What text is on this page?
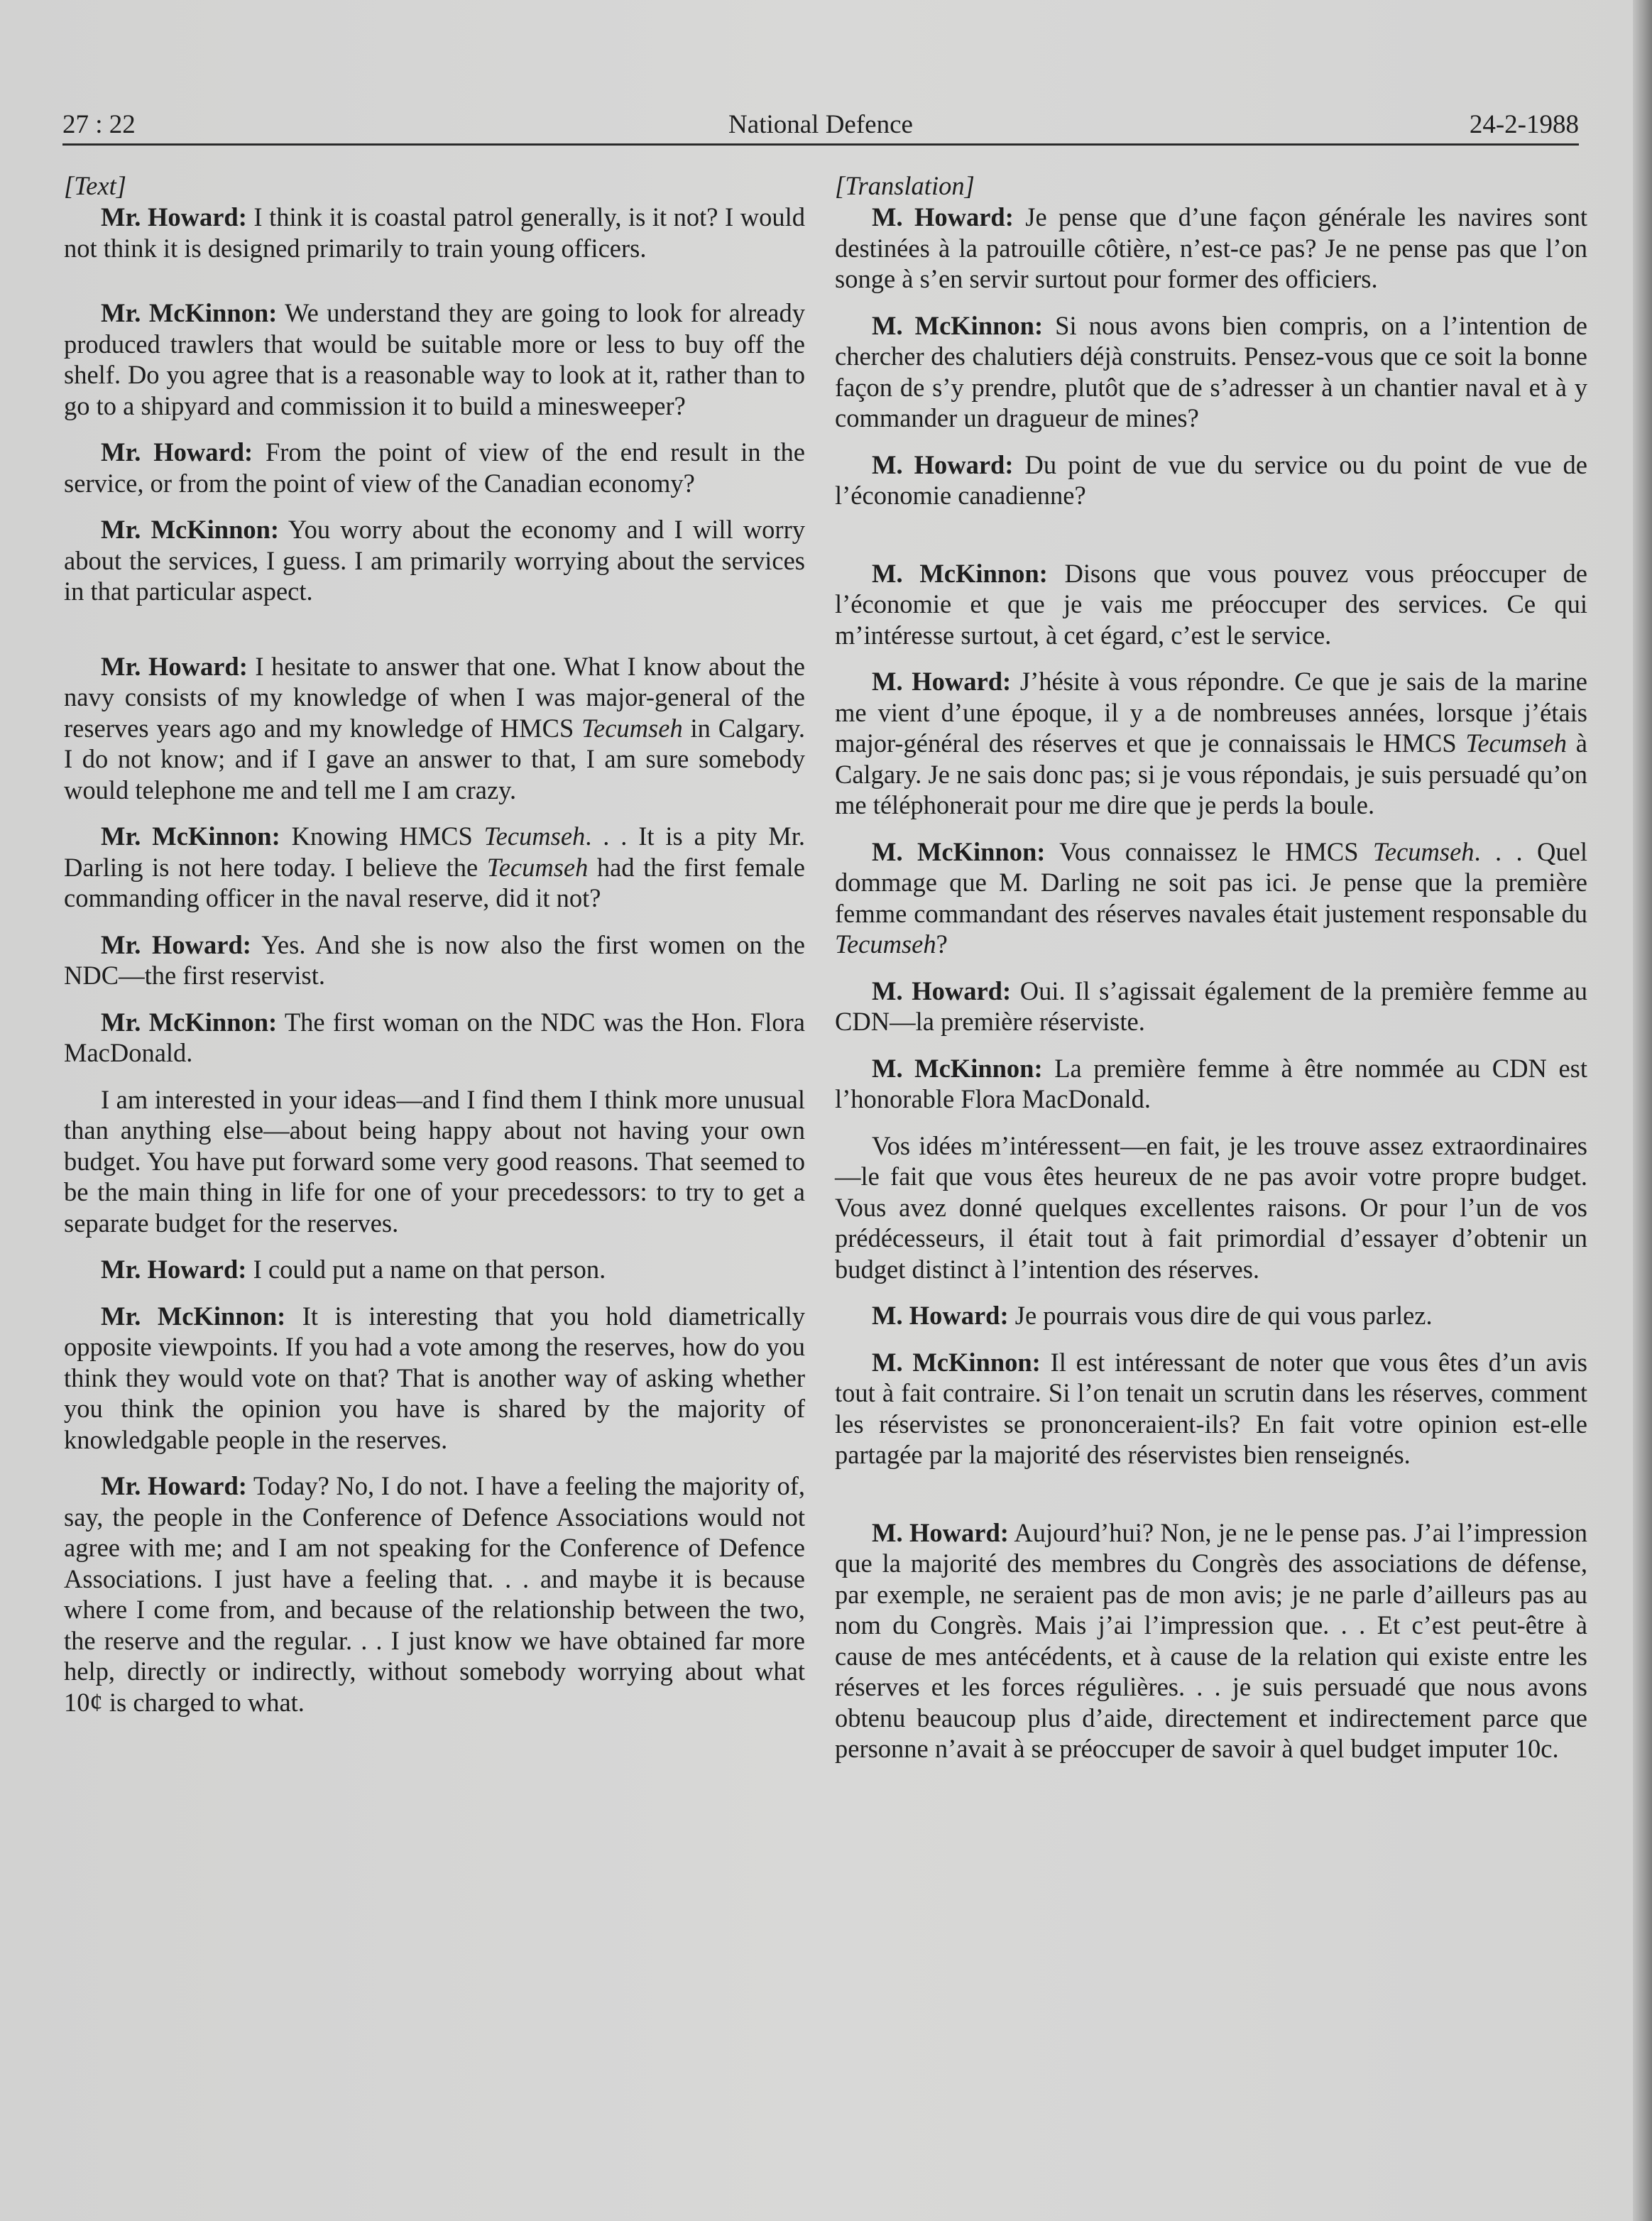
27 : 22	National Defence	24-2-1988
[Text]

Mr. Howard: I think it is coastal patrol generally, is it not? I would not think it is designed primarily to train young officers.

Mr. McKinnon: We understand they are going to look for already produced trawlers that would be suitable more or less to buy off the shelf. Do you agree that is a reasonable way to look at it, rather than to go to a shipyard and commission it to build a minesweeper?

Mr. Howard: From the point of view of the end result in the service, or from the point of view of the Canadian economy?

Mr. McKinnon: You worry about the economy and I will worry about the services, I guess. I am primarily worrying about the services in that particular aspect.

Mr. Howard: I hesitate to answer that one. What I know about the navy consists of my knowledge of when I was major-general of the reserves years ago and my knowledge of HMCS Tecumseh in Calgary. I do not know; and if I gave an answer to that, I am sure somebody would telephone me and tell me I am crazy.

Mr. McKinnon: Knowing HMCS Tecumseh. . . It is a pity Mr. Darling is not here today. I believe the Tecumseh had the first female commanding officer in the naval reserve, did it not?

Mr. Howard: Yes. And she is now also the first women on the NDC—the first reservist.

Mr. McKinnon: The first woman on the NDC was the Hon. Flora MacDonald.

I am interested in your ideas—and I find them I think more unusual than anything else—about being happy about not having your own budget. You have put forward some very good reasons. That seemed to be the main thing in life for one of your precedessors: to try to get a separate budget for the reserves.

Mr. Howard: I could put a name on that person.

Mr. McKinnon: It is interesting that you hold diametrically opposite viewpoints. If you had a vote among the reserves, how do you think they would vote on that? That is another way of asking whether you think the opinion you have is shared by the majority of knowledgable people in the reserves.

Mr. Howard: Today? No, I do not. I have a feeling the majority of, say, the people in the Conference of Defence Associations would not agree with me; and I am not speaking for the Conference of Defence Associations. I just have a feeling that. . . and maybe it is because where I come from, and because of the relationship between the two, the reserve and the regular. . . I just know we have obtained far more help, directly or indirectly, without somebody worrying about what 10¢ is charged to what.

[Translation]

M. Howard: Je pense que d’une façon générale les navires sont destinées à la patrouille côtière, n’est-ce pas? Je ne pense pas que l’on songe à s’en servir surtout pour former des officiers.

M. McKinnon: Si nous avons bien compris, on a l’intention de chercher des chalutiers déjà construits. Pensez-vous que ce soit la bonne façon de s’y prendre, plutôt que de s’adresser à un chantier naval et à y commander un dragueur de mines?

M. Howard: Du point de vue du service ou du point de vue de l’économie canadienne?

M. McKinnon: Disons que vous pouvez vous préoccuper de l’économie et que je vais me préoccuper des services. Ce qui m’intéresse surtout, à cet égard, c’est le service.

M. Howard: J’hésite à vous répondre. Ce que je sais de la marine me vient d’une époque, il y a de nombreuses années, lorsque j’étais major-général des réserves et que je connaissais le HMCS Tecumseh à Calgary. Je ne sais donc pas; si je vous répondais, je suis persuadé qu’on me téléphonerait pour me dire que je perds la boule.

M. McKinnon: Vous connaissez le HMCS Tecumseh. . . Quel dommage que M. Darling ne soit pas ici. Je pense que la première femme commandant des réserves navales était justement responsable du Tecumseh?

M. Howard: Oui. Il s’agissait également de la première femme au CDN—la première réserviste.

M. McKinnon: La première femme à être nommée au CDN est l’honorable Flora MacDonald.

Vos idées m’intéressent—en fait, je les trouve assez extraordinaires—le fait que vous êtes heureux de ne pas avoir votre propre budget. Vous avez donné quelques excellentes raisons. Or pour l’un de vos prédécesseurs, il était tout à fait primordial d’essayer d’obtenir un budget distinct à l’intention des réserves.

M. Howard: Je pourrais vous dire de qui vous parlez.

M. McKinnon: Il est intéressant de noter que vous êtes d’un avis tout à fait contraire. Si l’on tenait un scrutin dans les réserves, comment les réservistes se prononceraient-ils? En fait votre opinion est-elle partagée par la majorité des réservistes bien renseignés.

M. Howard: Aujourd’hui? Non, je ne le pense pas. J’ai l’impression que la majorité des membres du Congrès des associations de défense, par exemple, ne seraient pas de mon avis; je ne parle d’ailleurs pas au nom du Congrès. Mais j’ai l’impression que. . . Et c’est peut-être à cause de mes antécédents, et à cause de la relation qui existe entre les réserves et les forces régulières. . . je suis persuadé que nous avons obtenu beaucoup plus d’aide, directement et indirectement parce que personne n’avait à se préoccuper de savoir à quel budget imputer 10c.
